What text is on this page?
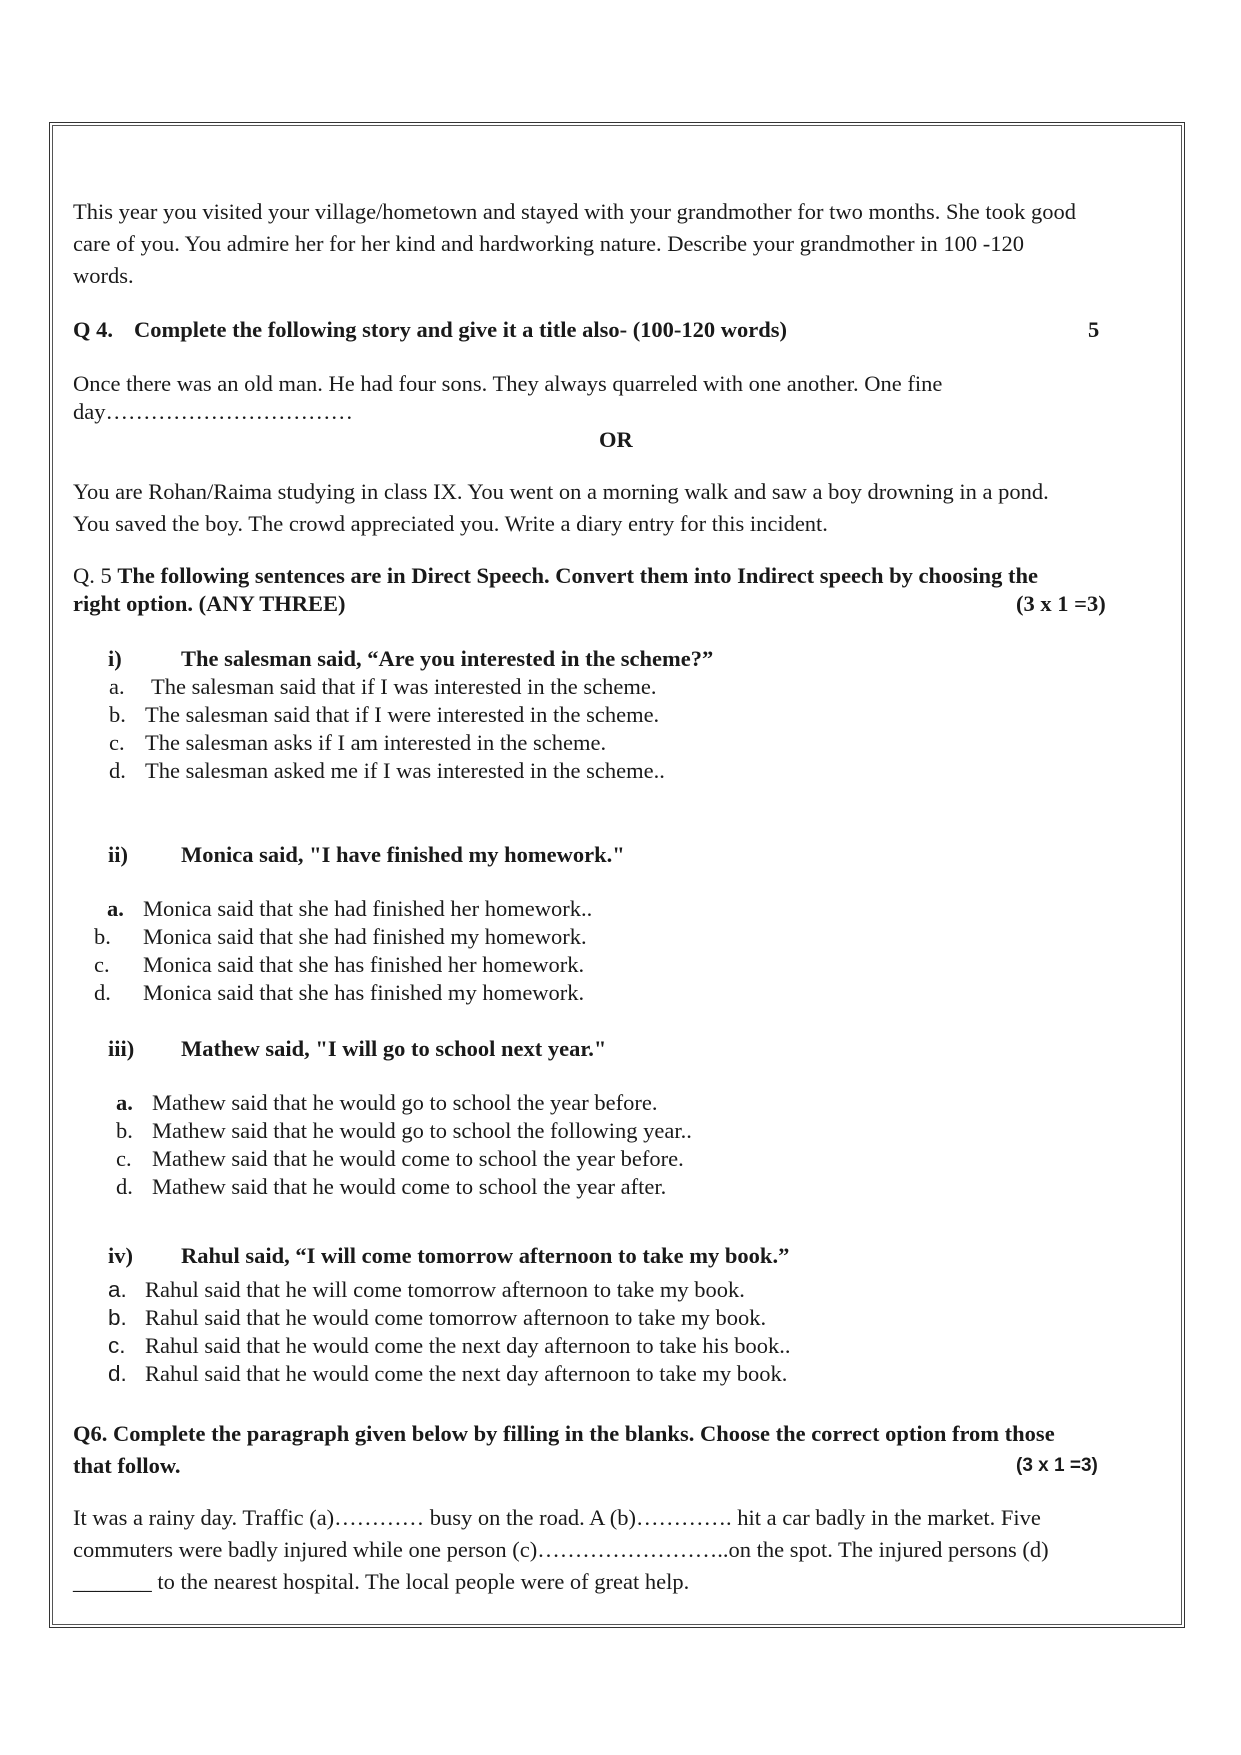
This year you visited your village/hometown and stayed with your grandmother for two months. She took good
care of you. You admire her for her kind and hardworking nature. Describe your grandmother in 100 -120
words.
Q 4. Complete the following story and give it a title also- (100-120 words)	5
Once there was an old man. He had four sons. They always quarreled with one another. One fine
day……………………………
OR
You are Rohan/Raima studying in class IX. You went on a morning walk and saw a boy drowning in a pond.
You saved the boy. The crowd appreciated you. Write a diary entry for this incident.
Q. 5 The following sentences are in Direct Speech. Convert them into Indirect speech by choosing the
right option. (ANY THREE)	(3 x 1 =3)
i)	The salesman said, “Are you interested in the scheme?”
a. The salesman said that if I was interested in the scheme.
b. The salesman said that if I were interested in the scheme.
c. The salesman asks if I am interested in the scheme.
d. The salesman asked me if I was interested in the scheme..
ii) Monica said, "I have finished my homework."
a. Monica said that she had finished her homework..
b. Monica said that she had finished my homework.
c. Monica said that she has finished her homework.
d. Monica said that she has finished my homework.
iii) Mathew said, "I will go to school next year."
a. Mathew said that he would go to school the year before.
b. Mathew said that he would go to school the following year..
c. Mathew said that he would come to school the year before.
d. Mathew said that he would come to school the year after.
iv) Rahul said, “I will come tomorrow afternoon to take my book.”
a. Rahul said that he will come tomorrow afternoon to take my book.
b. Rahul said that he would come tomorrow afternoon to take my book.
c. Rahul said that he would come the next day afternoon to take his book..
d. Rahul said that he would come the next day afternoon to take my book.
Q6. Complete the paragraph given below by filling in the blanks. Choose the correct option from those
that follow.	(3 x 1 =3)
It was a rainy day. Traffic (a)………… busy on the road. A (b)…………. hit a car badly in the market. Five
commuters were badly injured while one person (c)……………………..on the spot. The injured persons (d)
_______ to the nearest hospital. The local people were of great help.
